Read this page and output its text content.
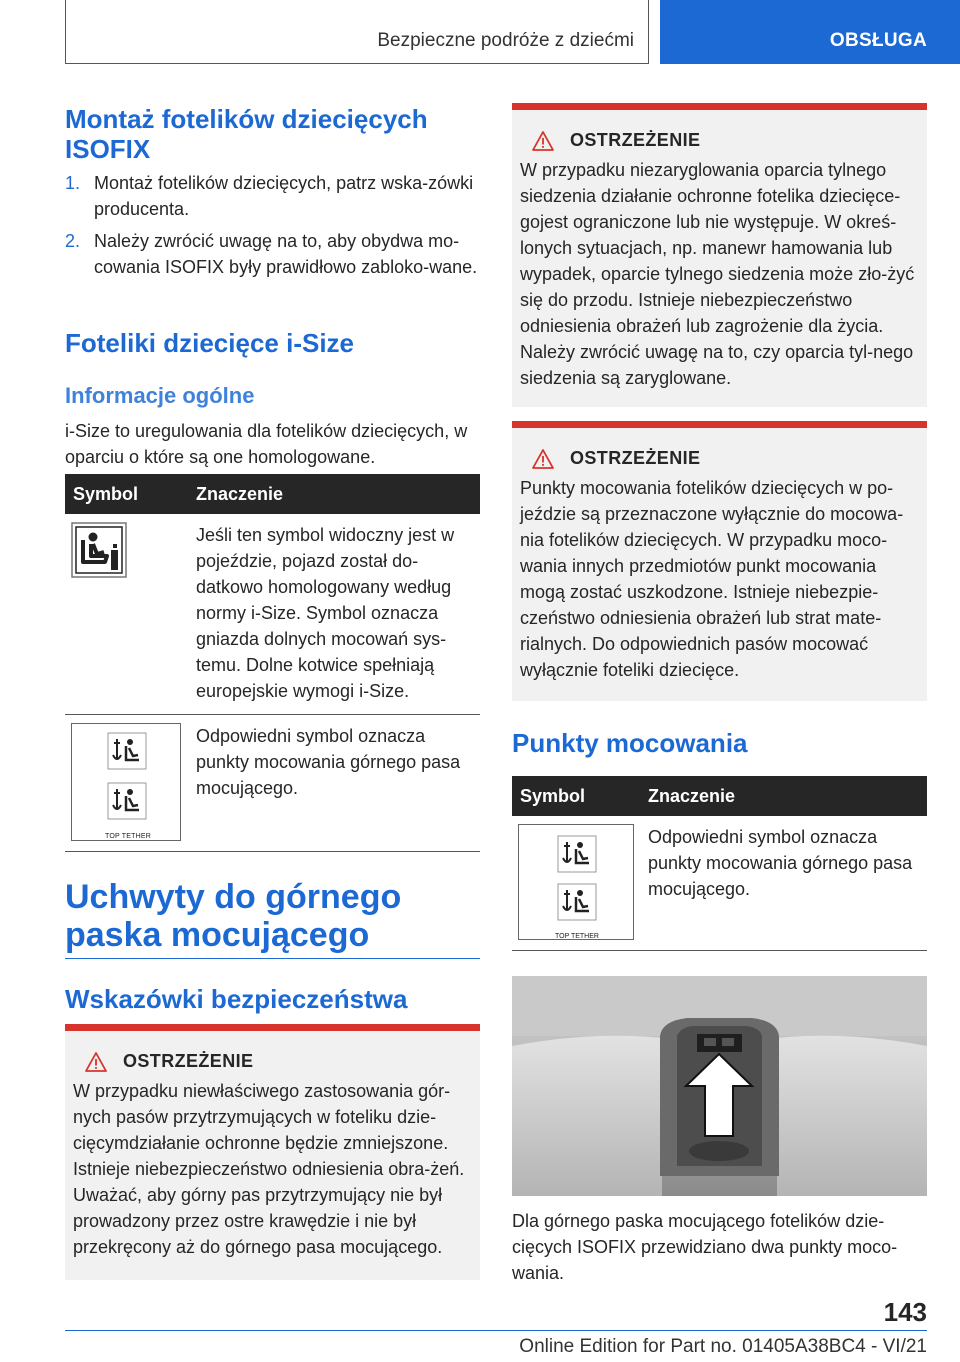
Bezpieczne podróże z dziećmi	OBSŁUGA
Montaż fotelików dziecięcych ISOFIX
1. Montaż fotelików dziecięcych, patrz wska-zówki producenta.
2. Należy zwrócić uwagę na to, aby obydwa mo-cowania ISOFIX były prawidłowo zabloko-wane.
Foteliki dziecięce i-Size
Informacje ogólne

i-Size to uregulowania dla fotelików dziecięcych, w oparciu o które są one homologowane.

Symbol	Znaczenie
	Jeśli ten symbol widoczny jest w pojeździe, pojazd został do-datkowo homologowany według normy i-Size. Symbol oznacza gniazda dolnych mocowań sys-temu. Dolne kotwice spełniają europejskie wymogi i-Size.

TOP TETHER	Odpowiedni symbol oznacza punkty mocowania górnego pasa mocującego.
Uchwyty do górnego paska mocującego
Wskazówki bezpieczeństwa
OSTRZEŻENIE

W przypadku niewłaściwego zastosowania gór-nych pasów przytrzymujących w foteliku dzie-cięcymdziałanie ochronne będzie zmniejszone. Istnieje niebezpieczeństwo odniesienia obra-żeń. Uważać, aby górny pas przytrzymujący nie był prowadzony przez ostre krawędzie i nie był przekręcony aż do górnego pasa mocującego.

OSTRZEŻENIE

W przypadku niezaryglowania oparcia tylnego siedzenia działanie ochronne fotelika dziecięce-gojest ograniczone lub nie występuje. W okreś-lonych sytuacjach, np. manewr hamowania lub wypadek, oparcie tylnego siedzenia może zło-żyć się do przodu. Istnieje niebezpieczeństwo odniesienia obrażeń lub zagrożenie dla życia. Należy zwrócić uwagę na to, czy oparcia tyl-nego siedzenia są zaryglowane.

OSTRZEŻENIE

Punkty mocowania fotelików dziecięcych w po-jeździe są przeznaczone wyłącznie do mocowa-nia fotelików dziecięcych. W przypadku moco-wania innych przedmiotów punkt mocowania mogą zostać uszkodzone. Istnieje niebezpie-czeństwo odniesienia obrażeń lub strat mate-rialnych. Do odpowiednich pasów mocować wyłącznie foteliki dziecięce.

Punkty mocowania
Symbol	Znaczenie

TOP TETHER	Odpowiedni symbol oznacza punkty mocowania górnego pasa mocującego.

Dla górnego paska mocującego fotelików dzie-cięcych ISOFIX przewidziano dwa punkty moco-wania.

143
Online Edition for Part no. 01405A38BC4 - VI/21
